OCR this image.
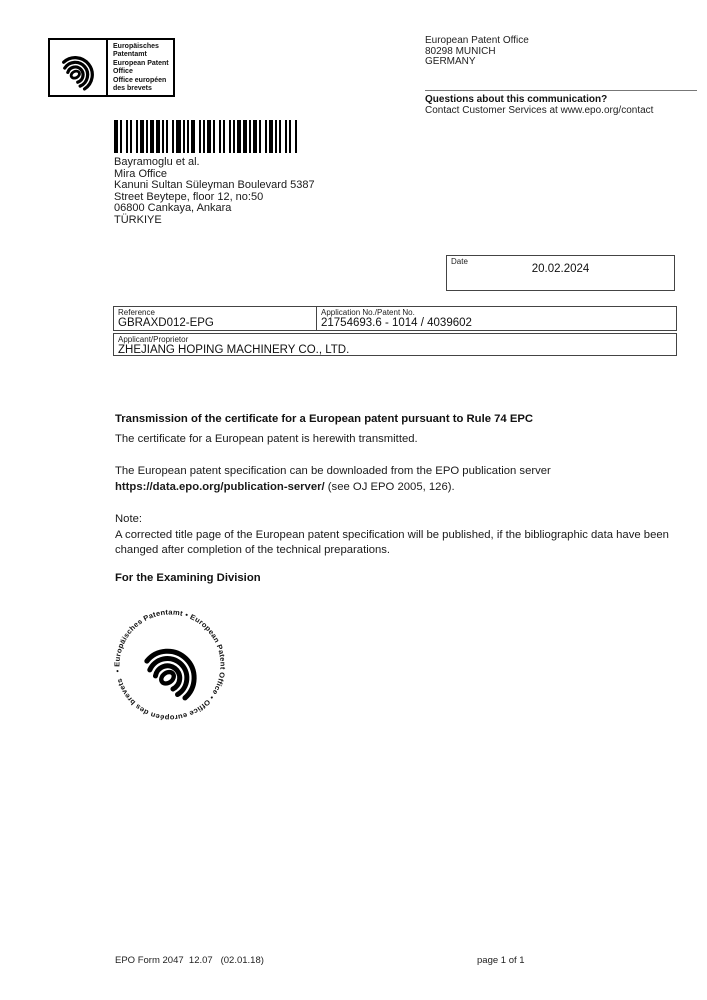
Europäisches Patentamt
European Patent Office
Office européen des brevets
European Patent Office
80298 MUNICH
GERMANY
Questions about this communication?
Contact Customer Services at www.epo.org/contact
Bayramoglu et al.
Mira Office
Kanuni Sultan Süleyman Boulevard 5387
Street Beytepe, floor 12, no:50
06800 Cankaya, Ankara
TÜRKIYE
Date
20.02.2024
Reference
GBRAXD012-EPG
Application No./Patent No.
21754693.6 - 1014 / 4039602
Applicant/Proprietor
ZHEJIANG HOPING MACHINERY CO., LTD.
Transmission of the certificate for a European patent pursuant to Rule 74 EPC
The certificate for a European patent is herewith transmitted.
The European patent specification can be downloaded from the EPO publication server
https://data.epo.org/publication-server/ (see OJ EPO 2005, 126).
Note:
A corrected title page of the European patent specification will be published, if the bibliographic data have been changed after completion of the technical preparations.
For the Examining Division
• Europäisches Patentamt • European Patent Office • Office européen des brevets
EPO Form 2047  12.07   (02.01.18)	page 1 of 1
